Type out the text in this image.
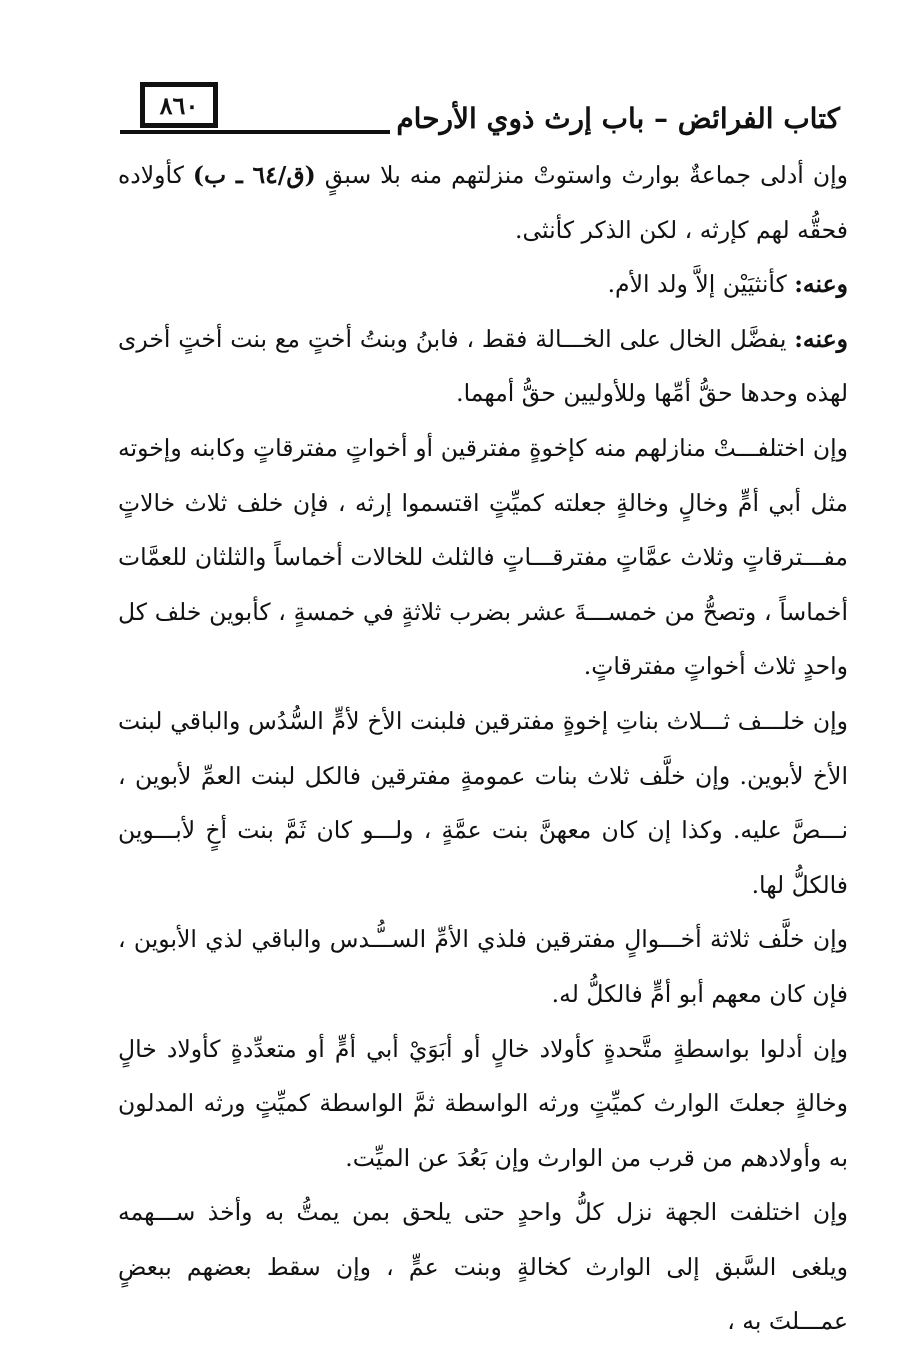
٨٦٠	كتاب الفرائض – باب إرث ذوي الأرحام

وإن أدلى جماعةٌ بوارث واستوتْ منزلتهم منه بلا سبقٍ (ق/٦٤ ـ ب) كأولاده فحقُّه لهم كإرثه ، لكن الذكر كأنثى.

وعنه: كأنثيَيْن إلاَّ ولد الأم.

وعنه: يفضَّل الخال على الخـــالة فقط ، فابنُ وبنتُ أختٍ مع بنت أختٍ أخرى لهذه وحدها حقُّ أمِّها وللأوليين حقُّ أمهما.

وإن اختلفـــتْ منازلهم منه كإخوةٍ مفترقين أو أخواتٍ مفترقاتٍ وكابنه وإخوته مثل أبي أمٍّ وخالٍ وخالةٍ جعلته كميِّتٍ اقتسموا إرثه ، فإن خلف ثلاث خالاتٍ مفـــترقاتٍ وثلاث عمَّاتٍ مفترقـــاتٍ فالثلث للخالات أخماساً والثلثان للعمَّات أخماساً ، وتصحُّ من خمســـةَ عشر بضرب ثلاثةٍ في خمسةٍ ، كأبوين خلف كل واحدٍ ثلاث أخواتٍ مفترقاتٍ.

وإن خلـــف ثـــلاث بناتِ إخوةٍ مفترقين فلبنت الأخ لأمٍّ السُّدُس والباقي لبنت الأخ لأبوين. وإن خلَّف ثلاث بنات عمومةٍ مفترقين فالكل لبنت العمِّ لأبوين ، نـــصَّ عليه. وكذا إن كان معهنَّ بنت عمَّةٍ ، ولـــو كان ثَمَّ بنت أخٍ لأبـــوين فالكلُّ لها.

وإن خلَّف ثلاثة أخـــوالٍ مفترقين فلذي الأمِّ الســُّـدس والباقي لذي الأبوين ، فإن كان معهم أبو أمٍّ فالكلُّ له.

وإن أدلوا بواسطةٍ متَّحدةٍ كأولاد خالٍ أو أبَوَيْ أبي أمٍّ أو متعدِّدةٍ كأولاد خالٍ وخالةٍ جعلتَ الوارث كميِّتٍ ورثه الواسطة ثمَّ الواسطة كميِّتٍ ورثه المدلون به وأولادهم من قرب من الوارث وإن بَعُدَ عن الميِّت.

وإن اختلفت الجهة نزل كلُّ واحدٍ حتى يلحق بمن يمتُّ به وأخذ ســـهمه ويلغى السَّبق إلى الوارث كخالةٍ وبنت عمٍّ ، وإن سقط بعضهم ببعضٍ عمـــلتَ به ،
